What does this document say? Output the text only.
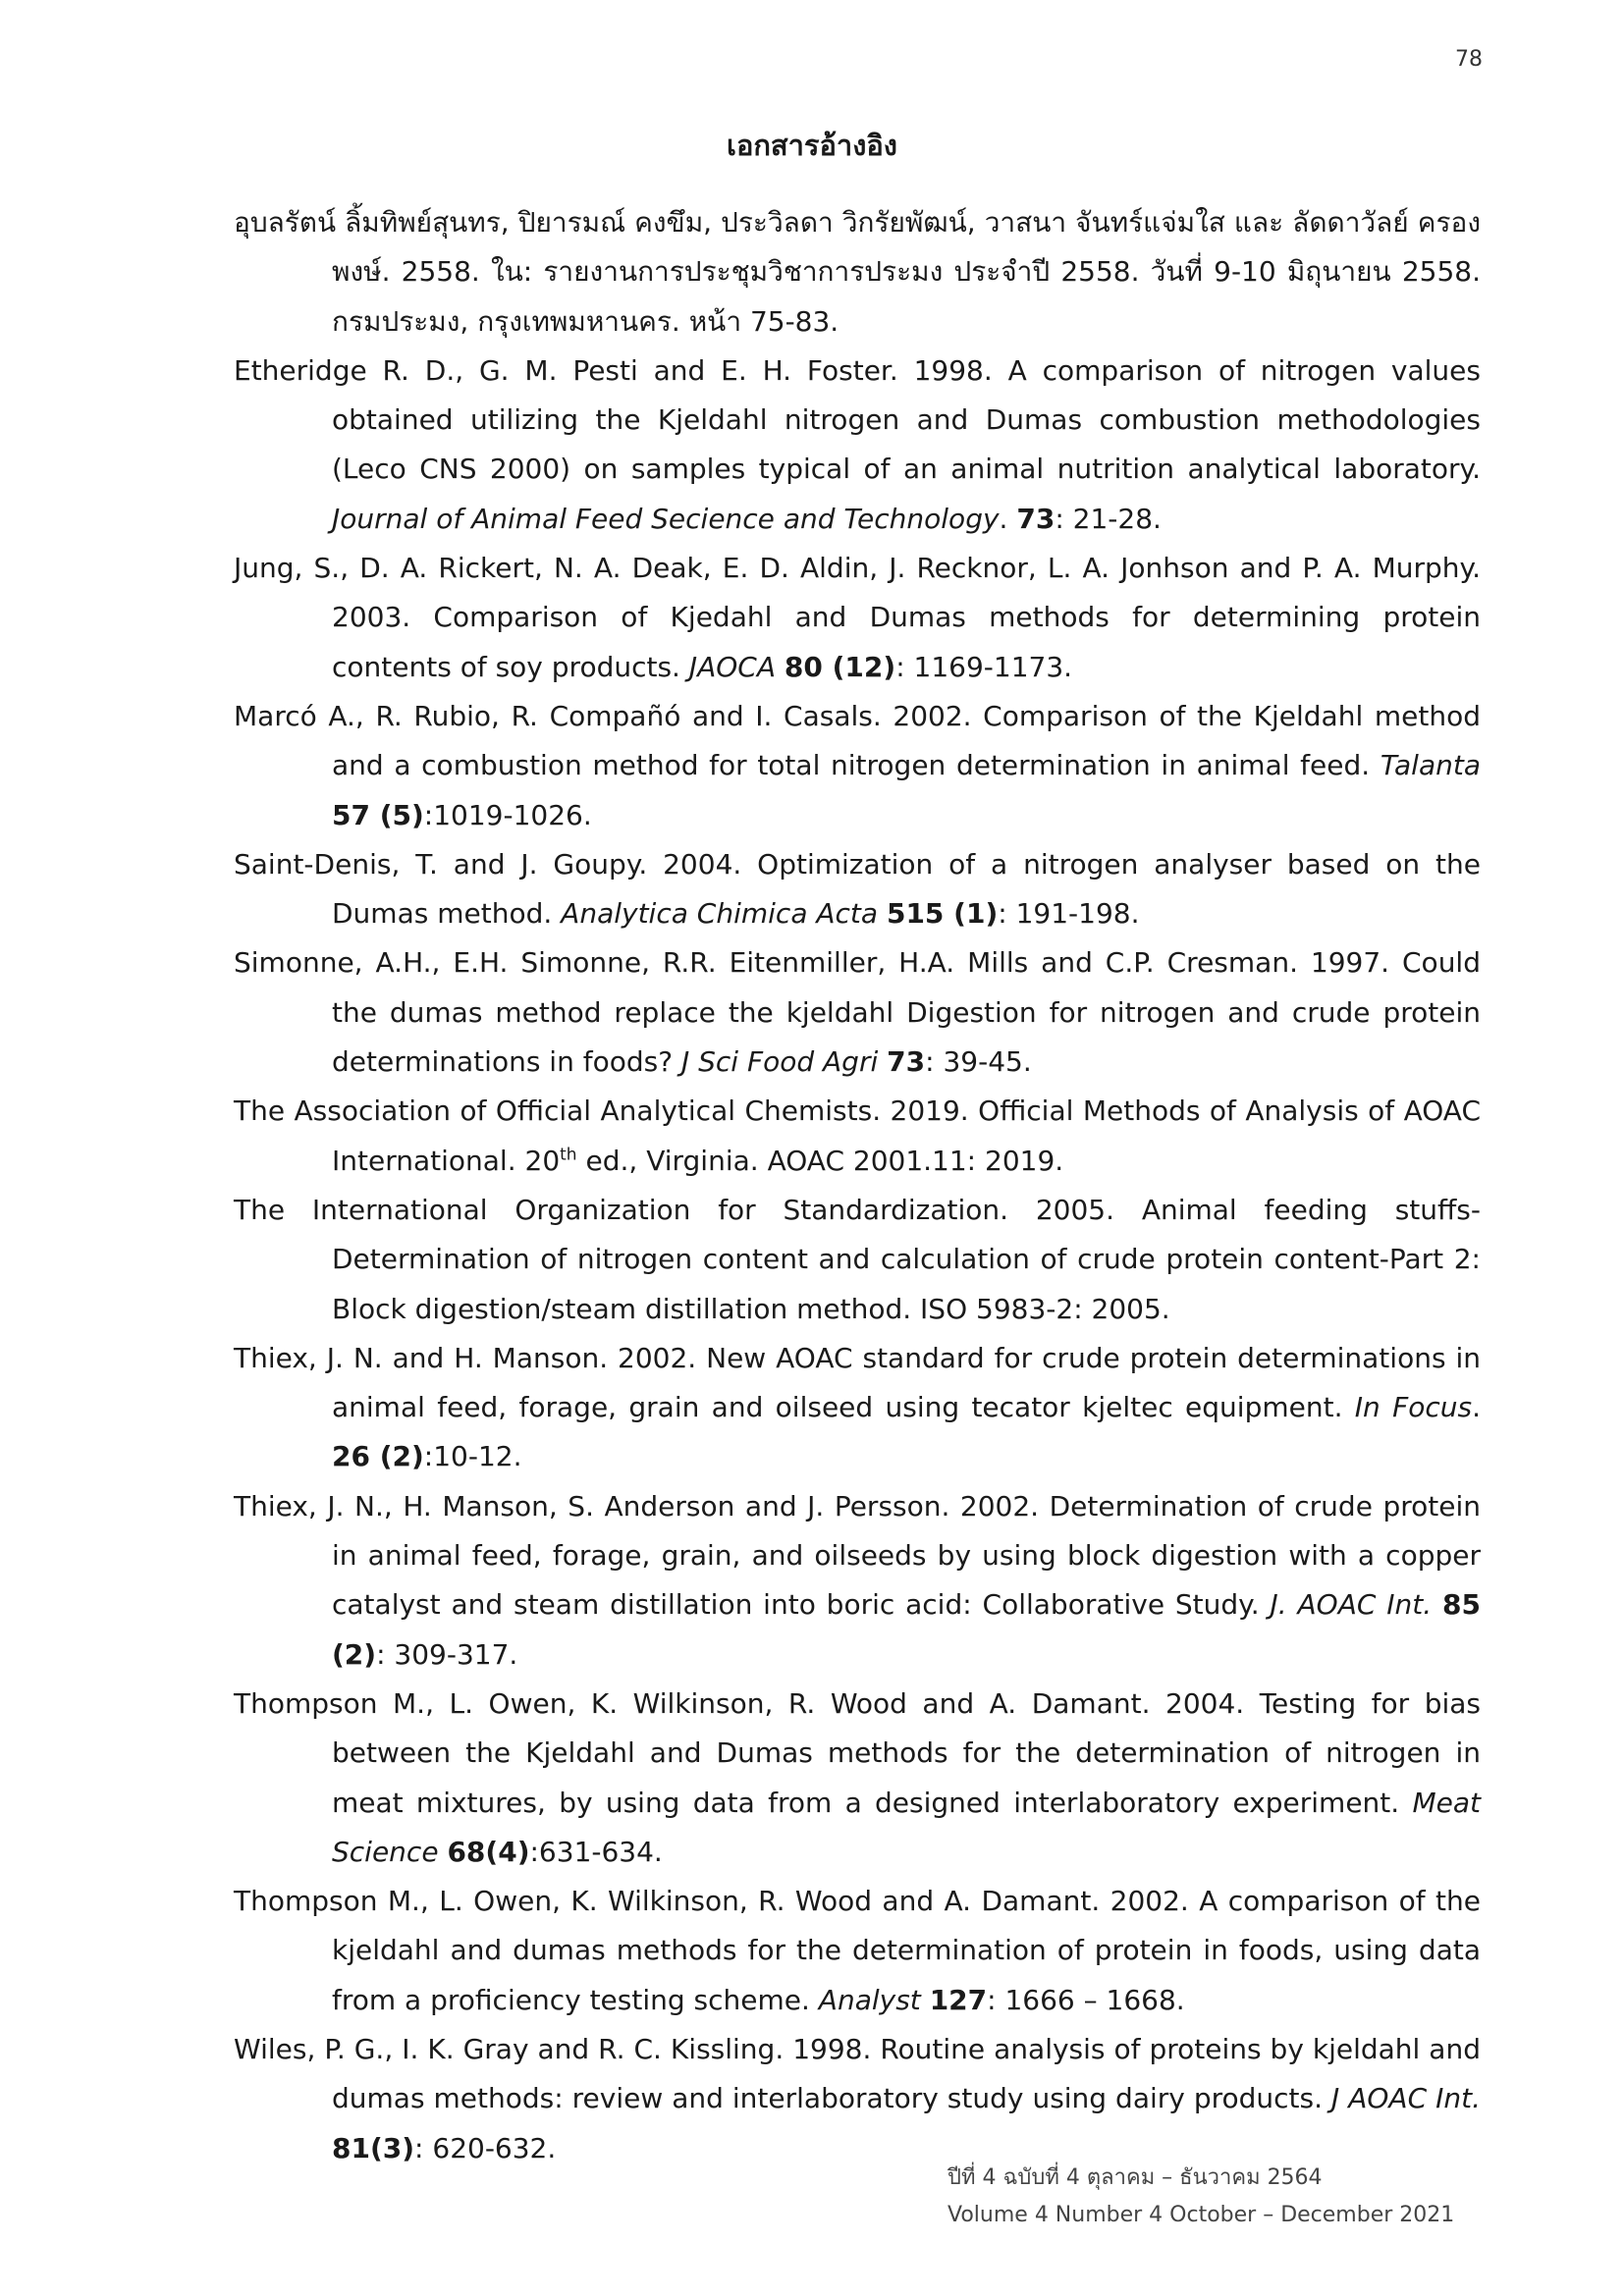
78
เอกสารอ้างอิง

อุบลรัตน์ ลิ้มทิพย์สุนทร, ปิยารมณ์ คงขึม, ประวิลดา วิกรัยพัฒน์, วาสนา จันทร์แจ่มใส และ ลัดดาวัลย์ ครองพงษ์. 2558. ใน: รายงานการประชุมวิชาการประมง ประจำปี 2558. วันที่ 9-10 มิถุนายน 2558. กรมประมง, กรุงเทพมหานคร. หน้า 75-83.

Etheridge R. D., G. M. Pesti and E. H. Foster. 1998. A comparison of nitrogen values obtained utilizing the Kjeldahl nitrogen and Dumas combustion methodologies (Leco CNS 2000) on samples typical of an animal nutrition analytical laboratory. Journal of Animal Feed Secience and Technology. 73: 21-28.

Jung, S., D. A. Rickert, N. A. Deak, E. D. Aldin, J. Recknor, L. A. Jonhson and P. A. Murphy. 2003. Comparison of Kjedahl and Dumas methods for determining protein contents of soy products. JAOCA 80 (12): 1169-1173.

Marcó A., R. Rubio, R. Compañó and I. Casals. 2002. Comparison of the Kjeldahl method and a combustion method for total nitrogen determination in animal feed. Talanta 57 (5):1019-1026.

Saint-Denis, T. and J. Goupy. 2004. Optimization of a nitrogen analyser based on the Dumas method. Analytica Chimica Acta 515 (1): 191-198.

Simonne, A.H., E.H. Simonne, R.R. Eitenmiller, H.A. Mills and C.P. Cresman. 1997. Could the dumas method replace the kjeldahl Digestion for nitrogen and crude protein determinations in foods? J Sci Food Agri 73: 39-45.

The Association of Official Analytical Chemists. 2019. Official Methods of Analysis of AOAC International. 20th ed., Virginia. AOAC 2001.11: 2019.

The International Organization for Standardization. 2005. Animal feeding stuffs-Determination of nitrogen content and calculation of crude protein content-Part 2: Block digestion/steam distillation method. ISO 5983-2: 2005.

Thiex, J. N. and H. Manson. 2002. New AOAC standard for crude protein determinations in animal feed, forage, grain and oilseed using tecator kjeltec equipment. In Focus. 26 (2):10-12.

Thiex, J. N., H. Manson, S. Anderson and J. Persson. 2002. Determination of crude protein in animal feed, forage, grain, and oilseeds by using block digestion with a copper catalyst and steam distillation into boric acid: Collaborative Study. J. AOAC Int. 85 (2): 309-317.

Thompson M., L. Owen, K. Wilkinson, R. Wood and A. Damant. 2004. Testing for bias between the Kjeldahl and Dumas methods for the determination of nitrogen in meat mixtures, by using data from a designed interlaboratory experiment. Meat Science 68(4):631-634.

Thompson M., L. Owen, K. Wilkinson, R. Wood and A. Damant. 2002. A comparison of the kjeldahl and dumas methods for the determination of protein in foods, using data from a proficiency testing scheme. Analyst 127: 1666 – 1668.

Wiles, P. G., I. K. Gray and R. C. Kissling. 1998. Routine analysis of proteins by kjeldahl and dumas methods: review and interlaboratory study using dairy products. J AOAC Int. 81(3): 620-632.

ปีที่ 4 ฉบับที่ 4 ตุลาคม – ธันวาคม 2564
Volume 4 Number 4 October – December 2021
